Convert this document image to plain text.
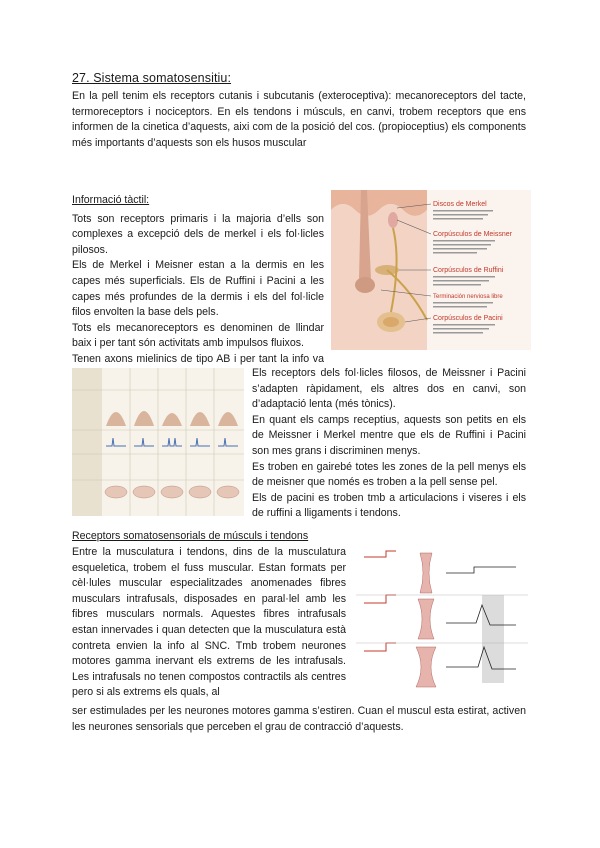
27. Sistema somatosensitiu:
En la pell tenim els receptors cutanis i subcutanis (exteroceptiva): mecanoreceptors del tacte, termoreceptors i nociceptors. En els tendons i músculs, en canvi, trobem receptors que ens informen de la cinetica d’aquests, aixi com de la posició del cos. (propioceptius) els components més importants d’aquests son els husos muscular
Informació tàctil:
Tots son receptors primaris i la majoria d’ells son complexes a excepció dels de merkel i els fol·licles pilosos.
Els de Merkel i Meisner estan a la dermis en les capes més superficials. Els de Ruffini i Pacini a les capes més profundes de la dermis i els del fol·licle filos envolten la base dels pels.
Tots els mecanoreceptors es denominen de llindar baix i per tant són activitats amb impulsos fluixos.
Tenen axons mielinics de tipo AB i per tant la info va
Discos de Merkel
Corpúsculos de Meissner
Corpúsculos de Ruffini
Terminación nerviosa libre
Corpúsculos de Pacini
Els receptors dels fol·licles filosos, de Meissner i Pacini s’adapten ràpidament, els altres dos en canvi, son d’adaptació lenta (més tònics).
En quant els camps receptius, aquests son petits en els de Meissner i Merkel mentre que els de Ruffini i Pacini son mes grans i discriminen menys.
Es troben en gairebé totes les zones de la pell menys els de meisner que només es troben a la pell sense pel.
Els de pacini es troben tmb a articulacions i viseres i els de ruffini a lligaments i tendons.
Receptors somatosensorials de músculs i tendons
Entre la musculatura i tendons, dins de la musculatura esqueletica, trobem el fuss muscular. Estan formats per cèl·lules muscular especialitzades anomenades fibres musculars intrafusals, disposades en paral·lel amb les fibres musculars normals. Aquestes fibres intrafusals estan innervades i quan detecten que la musculatura està contreta envien la info al SNC. Tmb trobem neurones motores gamma inervant els extrems de les intrafusals. Les intrafusals no tenen compostos contractils als centres pero si als extrems els quals, al
ser estimulades per les neurones motores gamma s’estiren. Cuan el muscul esta estirat, activen les neurones sensorials que perceben el grau de contracció d’aquests.
